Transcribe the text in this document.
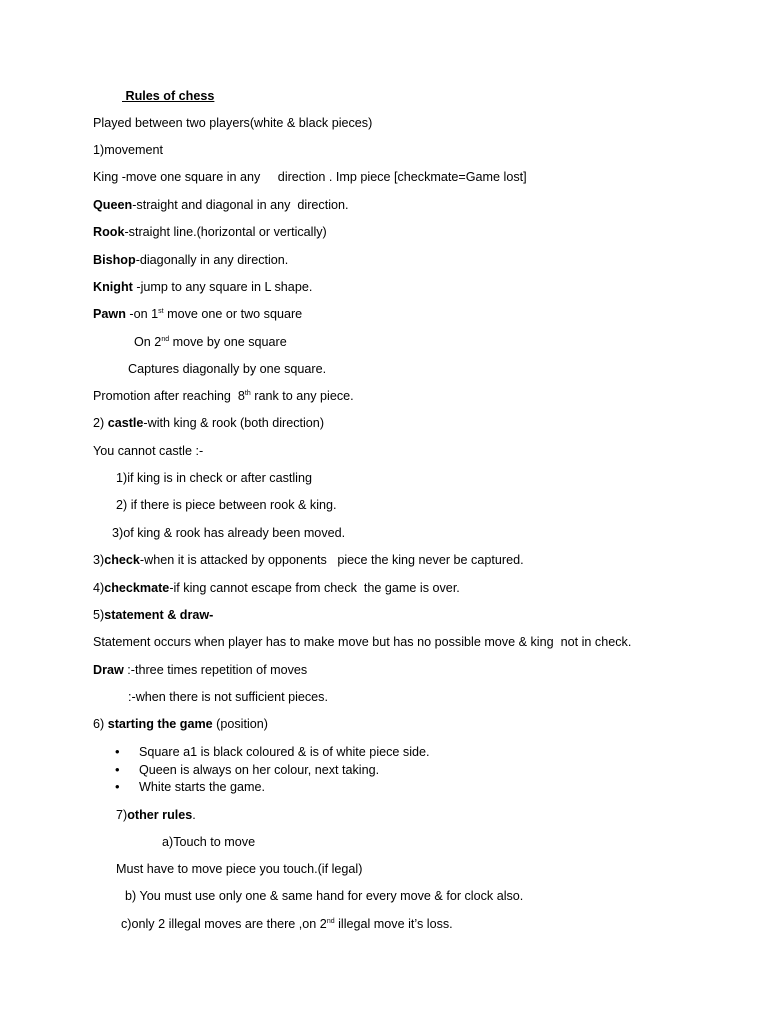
Rules of chess
Played between two players(white & black pieces)
1)movement
King -move one square in any     direction . Imp piece [checkmate=Game lost]
Queen-straight and diagonal in any  direction.
Rook-straight line.(horizontal or vertically)
Bishop-diagonally in any direction.
Knight -jump to any square in L shape.
Pawn -on 1st move one or two square
On 2nd move by one square
Captures diagonally by one square.
Promotion after reaching  8th rank to any piece.
2) castle-with king & rook (both direction)
You cannot castle :-
1)if king is in check or after castling
2) if there is piece between rook & king.
3)of king & rook has already been moved.
3)check-when it is attacked by opponents   piece the king never be captured.
4)checkmate-if king cannot escape from check  the game is over.
5)statement & draw-
Statement occurs when player has to make move but has no possible move & king  not in check.
Draw :-three times repetition of moves
:-when there is not sufficient pieces.
6) starting the game (position)
• Square a1 is black coloured & is of white piece side.
• Queen is always on her colour, next taking.
• White starts the game.
7)other rules.
a)Touch to move
Must have to move piece you touch.(if legal)
b) You must use only one & same hand for every move & for clock also.
c)only 2 illegal moves are there ,on 2nd illegal move it’s loss.
